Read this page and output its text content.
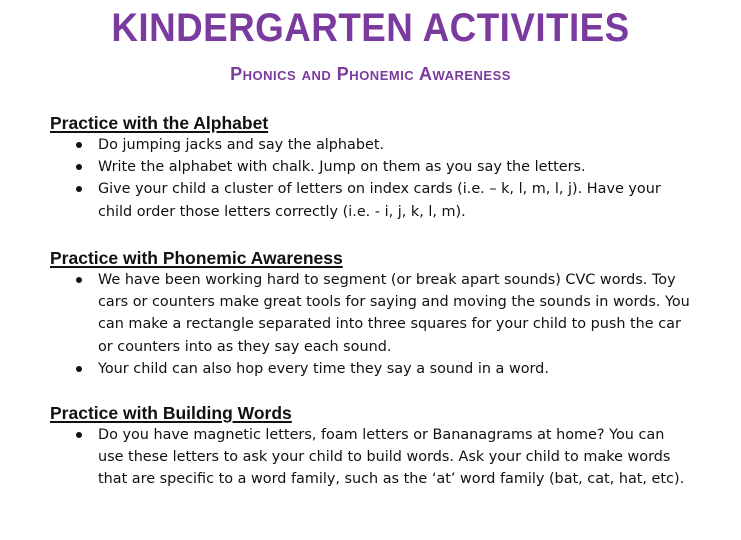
KINDERGARTEN ACTIVITIES
Phonics and Phonemic Awareness
Practice with the Alphabet
Do jumping jacks and say the alphabet.
Write the alphabet with chalk. Jump on them as you say the letters.
Give your child a cluster of letters on index cards (i.e. – k, l, m, l, j). Have your child order those letters correctly (i.e. - i, j, k, l, m).
Practice with Phonemic Awareness
We have been working hard to segment (or break apart sounds) CVC words. Toy cars or counters make great tools for saying and moving the sounds in words. You can make a rectangle separated into three squares for your child to push the car or counters into as they say each sound.
Your child can also hop every time they say a sound in a word.
Practice with Building Words
Do you have magnetic letters, foam letters or Bananagrams at home? You can use these letters to ask your child to build words. Ask your child to make words that are specific to a word family, such as the ‘at’ word family (bat, cat, hat, etc).
